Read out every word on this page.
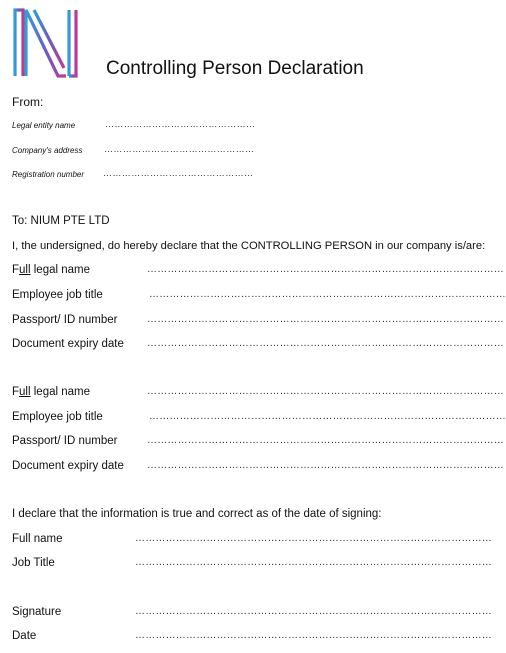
Controlling Person Declaration
From:
Legal entity name	…………………………………………
Company's address …………………………………………
Registration number …………………………………………
To: NIUM PTE LTD
I, the undersigned, do hereby declare that the CONTROLLING PERSON in our company is/are:
Full legal name	……………………………………………………………………………………………
Employee job title	……………………………………………………………………………………………
Passport/ ID number	……………………………………………………………………………………………
Document expiry date ……………………………………………………………………………………………
Full legal name	……………………………………………………………………………………………
Employee job title	……………………………………………………………………………………………
Passport/ ID number	……………………………………………………………………………………………
Document expiry date ……………………………………………………………………………………………
I declare that the information is true and correct as of the date of signing:
Full name	……………………………………………………………………………………………
Job Title	……………………………………………………………………………………………
Signature	……………………………………………………………………………………………
Date	……………………………………………………………………………………………
